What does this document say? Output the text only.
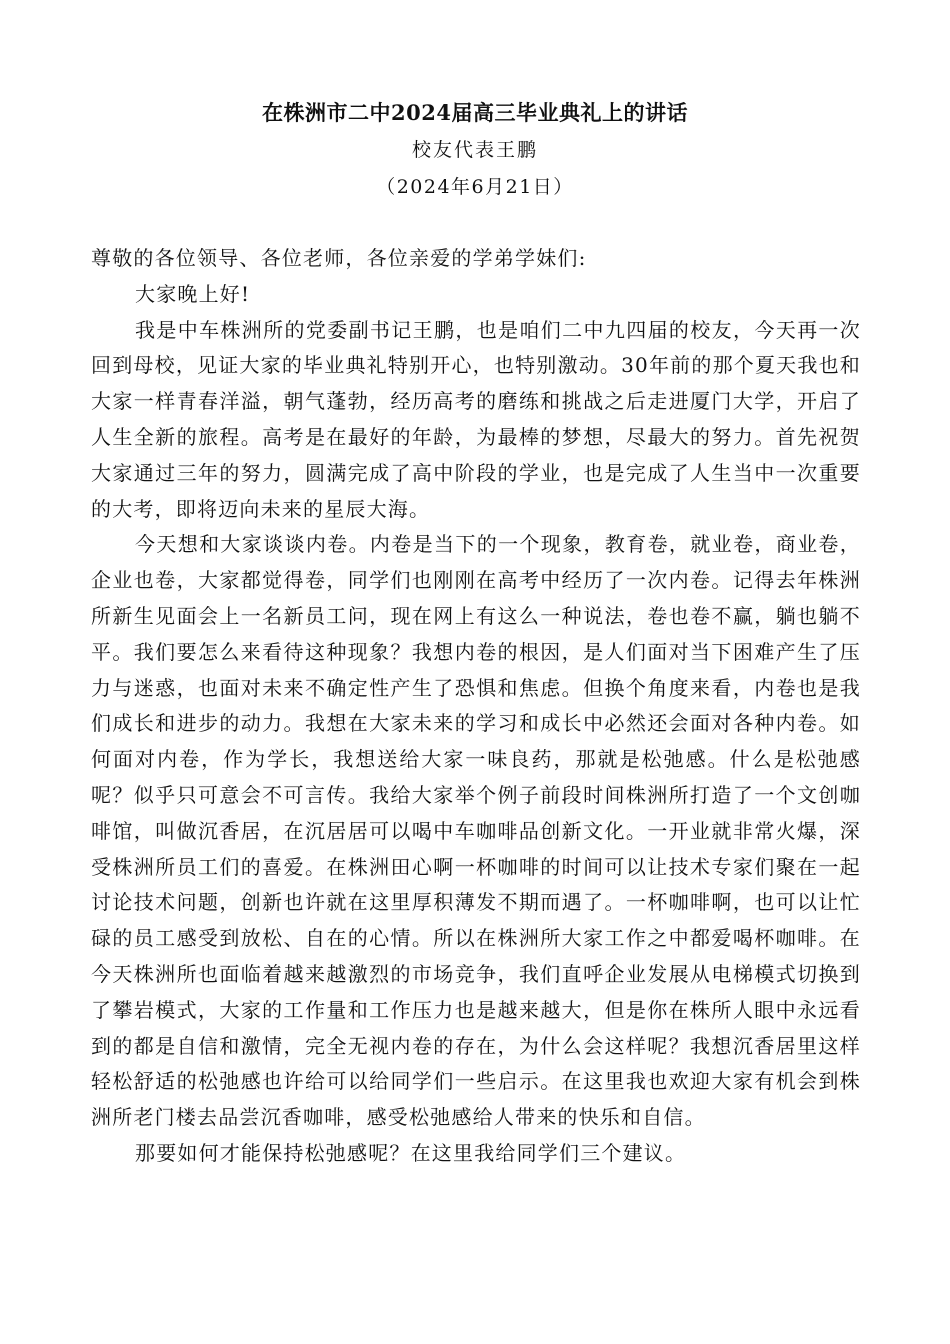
在株洲市二中2024届高三毕业典礼上的讲话
校友代表王鹏
（2024年6月21日）

尊敬的各位领导、各位老师，各位亲爱的学弟学妹们:

大家晚上好!

我是中车株洲所的党委副书记王鹏，也是咱们二中九四届的校友，今天再一次回到母校，见证大家的毕业典礼特别开心，也特别激动。30年前的那个夏天我也和大家一样青春洋溢，朝气蓬勃，经历高考的磨练和挑战之后走进厦门大学，开启了人生全新的旅程。高考是在最好的年龄，为最棒的梦想，尽最大的努力。首先祝贺大家通过三年的努力，圆满完成了高中阶段的学业，也是完成了人生当中一次重要的大考，即将迈向未来的星辰大海。

今天想和大家谈谈内卷。内卷是当下的一个现象，教育卷，就业卷，商业卷，企业也卷，大家都觉得卷，同学们也刚刚在高考中经历了一次内卷。记得去年株洲所新生见面会上一名新员工问，现在网上有这么一种说法，卷也卷不赢，躺也躺不平。我们要怎么来看待这种现象？我想内卷的根因，是人们面对当下困难产生了压力与迷惑，也面对未来不确定性产生了恐惧和焦虑。但换个角度来看，内卷也是我们成长和进步的动力。我想在大家未来的学习和成长中必然还会面对各种内卷。如何面对内卷，作为学长，我想送给大家一味良药，那就是松弛感。什么是松弛感呢？似乎只可意会不可言传。我给大家举个例子前段时间株洲所打造了一个文创咖啡馆，叫做沉香居，在沉居居可以喝中车咖啡品创新文化。一开业就非常火爆，深受株洲所员工们的喜爱。在株洲田心啊一杯咖啡的时间可以让技术专家们聚在一起讨论技术问题，创新也许就在这里厚积薄发不期而遇了。一杯咖啡啊，也可以让忙碌的员工感受到放松、自在的心情。所以在株洲所大家工作之中都爱喝杯咖啡。在今天株洲所也面临着越来越激烈的市场竞争，我们直呼企业发展从电梯模式切换到了攀岩模式，大家的工作量和工作压力也是越来越大，但是你在株所人眼中永远看到的都是自信和激情，完全无视内卷的存在，为什么会这样呢？我想沉香居里这样轻松舒适的松弛感也许给可以给同学们一些启示。在这里我也欢迎大家有机会到株洲所老门楼去品尝沉香咖啡，感受松弛感给人带来的快乐和自信。

那要如何才能保持松弛感呢？在这里我给同学们三个建议。
